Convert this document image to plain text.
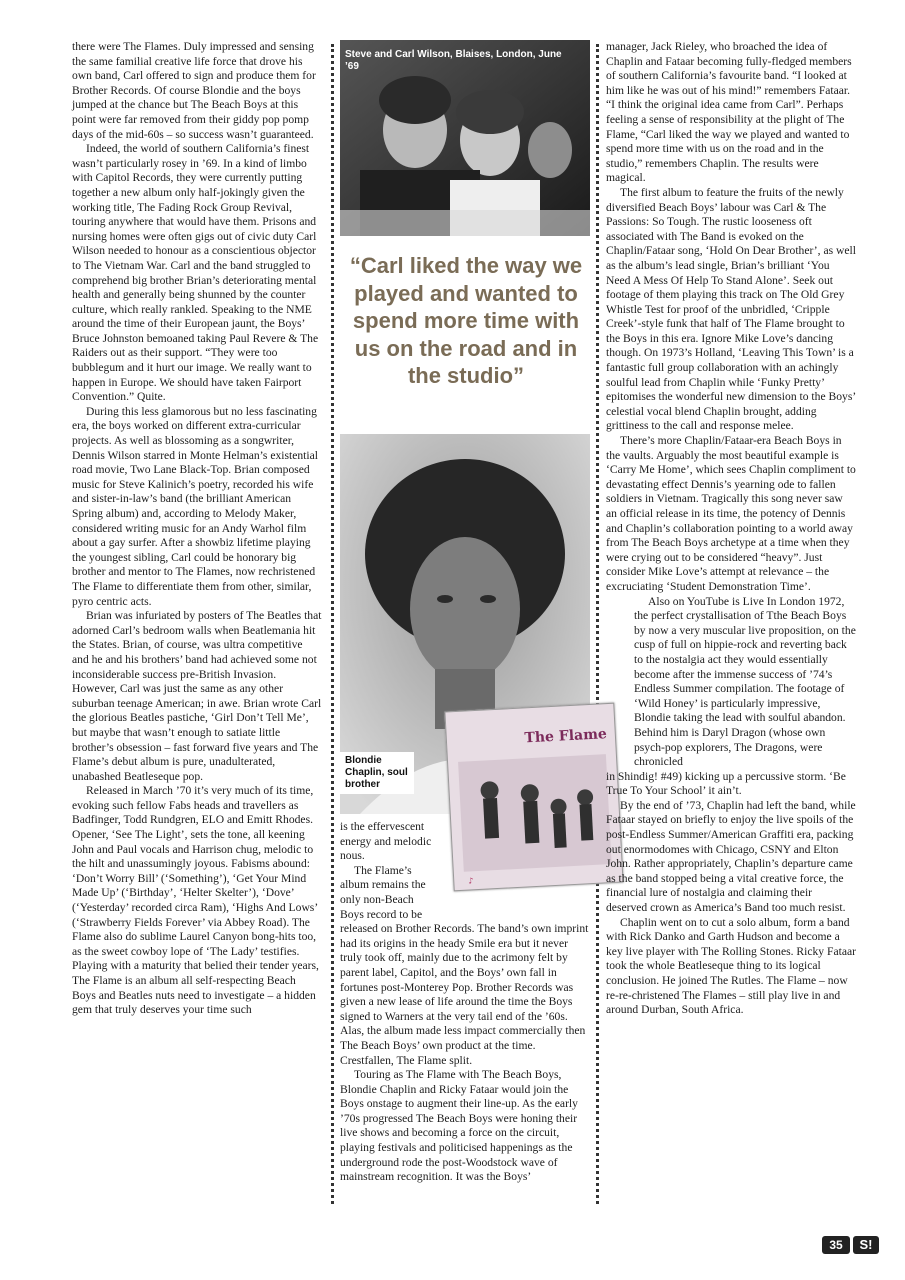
there were The Flames. Duly impressed and sensing the same familial creative life force that drove his own band, Carl offered to sign and produce them for Brother Records. Of course Blondie and the boys jumped at the chance but The Beach Boys at this point were far removed from their giddy pop pomp days of the mid-60s – so success wasn’t guaranteed.

Indeed, the world of southern California’s finest wasn’t particularly rosey in ’69. In a kind of limbo with Capitol Records, they were currently putting together a new album only half-jokingly given the working title, The Fading Rock Group Revival, touring anywhere that would have them. Prisons and nursing homes were often gigs out of civic duty Carl Wilson needed to honour as a conscientious objector to The Vietnam War. Carl and the band struggled to comprehend big brother Brian’s deteriorating mental health and generally being shunned by the counter culture, which really rankled. Speaking to the NME around the time of their European jaunt, the Boys’ Bruce Johnston bemoaned taking Paul Revere & The Raiders out as their support. “They were too bubblegum and it hurt our image. We really want to happen in Europe. We should have taken Fairport Convention.” Quite.

During this less glamorous but no less fascinating era, the boys worked on different extra-curricular projects. As well as blossoming as a songwriter, Dennis Wilson starred in Monte Helman’s existential road movie, Two Lane Black-Top. Brian composed music for Steve Kalinich’s poetry, recorded his wife and sister-in-law’s band (the brilliant American Spring album) and, according to Melody Maker, considered writing music for an Andy Warhol film about a gay surfer. After a showbiz lifetime playing the youngest sibling, Carl could be honorary big brother and mentor to The Flames, now rechristened The Flame to differentiate them from other, similar, pyro centric acts.

Brian was infuriated by posters of The Beatles that adorned Carl’s bedroom walls when Beatlemania hit the States. Brian, of course, was ultra competitive and he and his brothers’ band had achieved some not inconsiderable success pre-British Invasion. However, Carl was just the same as any other suburban teenage American; in awe. Brian wrote Carl the glorious Beatles pastiche, ‘Girl Don’t Tell Me’, but maybe that wasn’t enough to satiate little brother’s obsession – fast forward five years and The Flame’s debut album is pure, unadulterated, unabashed Beatleseque pop.

Released in March ’70 it’s very much of its time, evoking such fellow Fabs heads and travellers as Badfinger, Todd Rundgren, ELO and Emitt Rhodes. Opener, ‘See The Light’, sets the tone, all keening John and Paul vocals and Harrison chug, melodic to the hilt and unassumingly joyous. Fabisms abound: ‘Don’t Worry Bill’ (‘Something’), ‘Get Your Mind Made Up’ (‘Birthday’, ‘Helter Skelter’), ‘Dove’ (‘Yesterday’ recorded circa Ram), ‘Highs And Lows’ (‘Strawberry Fields Forever’ via Abbey Road). The Flame also do sublime Laurel Canyon bong-hits too, as the sweet cowboy lope of ‘The Lady’ testifies. Playing with a maturity that belied their tender years, The Flame is an album all self-respecting Beach Boys and Beatles nuts need to investigate – a hidden gem that truly deserves your time such

Steve and Carl Wilson, Blaises, London, June ’69
“Carl liked the way we played and wanted to spend more time with us on the road and in the studio”
Blondie Chaplin, soul brother
The Flame
♪

is the effervescent energy and melodic nous.

The Flame’s album remains the only non-Beach Boys record to be

released on Brother Records. The band’s own imprint had its origins in the heady Smile era but it never truly took off, mainly due to the acrimony felt by parent label, Capitol, and the Boys’ own fall in fortunes post-Monterey Pop. Brother Records was given a new lease of life around the time the Boys signed to Warners at the very tail end of the ’60s. Alas, the album made less impact commercially then The Beach Boys’ own product at the time. Crestfallen, The Flame split.

Touring as The Flame with The Beach Boys, Blondie Chaplin and Ricky Fataar would join the Boys onstage to augment their line-up. As the early ’70s progressed The Beach Boys were honing their live shows and becoming a force on the circuit, playing festivals and politicised happenings as the underground rode the post-Woodstock wave of mainstream recognition. It was the Boys’

manager, Jack Rieley, who broached the idea of Chaplin and Fataar becoming fully-fledged members of southern California’s favourite band. “I looked at him like he was out of his mind!” remembers Fataar. “I think the original idea came from Carl”. Perhaps feeling a sense of responsibility at the plight of The Flame, “Carl liked the way we played and wanted to spend more time with us on the road and in the studio,” remembers Chaplin. The results were magical.

The first album to feature the fruits of the newly diversified Beach Boys’ labour was Carl & The Passions: So Tough. The rustic looseness oft associated with The Band is evoked on the Chaplin/Fataar song, ‘Hold On Dear Brother’, as well as the album’s lead single, Brian’s brilliant ‘You Need A Mess Of Help To Stand Alone’. Seek out footage of them playing this track on The Old Grey Whistle Test for proof of the unbridled, ‘Cripple Creek’-style funk that half of The Flame brought to the Boys in this era. Ignore Mike Love’s dancing though. On 1973’s Holland, ‘Leaving This Town’ is a fantastic full group collaboration with an achingly soulful lead from Chaplin while ‘Funky Pretty’ epitomises the wonderful new dimension to the Boys’ celestial vocal blend Chaplin brought, adding grittiness to the call and response melee.

There’s more Chaplin/Fataar-era Beach Boys in the vaults. Arguably the most beautiful example is ‘Carry Me Home’, which sees Chaplin compliment to devastating effect Dennis’s yearning ode to fallen soldiers in Vietnam. Tragically this song never saw an official release in its time, the potency of Dennis and Chaplin’s collaboration pointing to a world away from The Beach Boys archetype at a time when they were crying out to be considered “heavy”. Just consider Mike Love’s attempt at relevance – the excruciating ‘Student Demonstration Time’.

Also on YouTube is Live In London 1972, the perfect crystallisation of Tthe Beach Boys by now a very muscular live proposition, on the cusp of full on hippie-rock and reverting back to the nostalgia act they would essentially become after the immense success of ’74’s Endless Summer compilation. The footage of ‘Wild Honey’ is particularly impressive, Blondie taking the lead with soulful abandon. Behind him is Daryl Dragon (whose own psych-pop explorers, The Dragons, were chronicled

in Shindig! #49) kicking up a percussive storm. ‘Be True To Your School’ it ain’t.

By the end of ’73, Chaplin had left the band, while Fataar stayed on briefly to enjoy the live spoils of the post-Endless Summer/American Graffiti era, packing out enormodomes with Chicago, CSNY and Elton John. Rather appropriately, Chaplin’s departure came as the band stopped being a vital creative force, the financial lure of nostalgia and claiming their deserved crown as America’s Band too much resist.

Chaplin went on to cut a solo album, form a band with Rick Danko and Garth Hudson and become a key live player with The Rolling Stones. Ricky Fataar took the whole Beatleseque thing to its logical conclusion. He joined The Rutles. The Flame – now re-re-christened The Flames – still play live in and around Durban, South Africa.

35	S!
